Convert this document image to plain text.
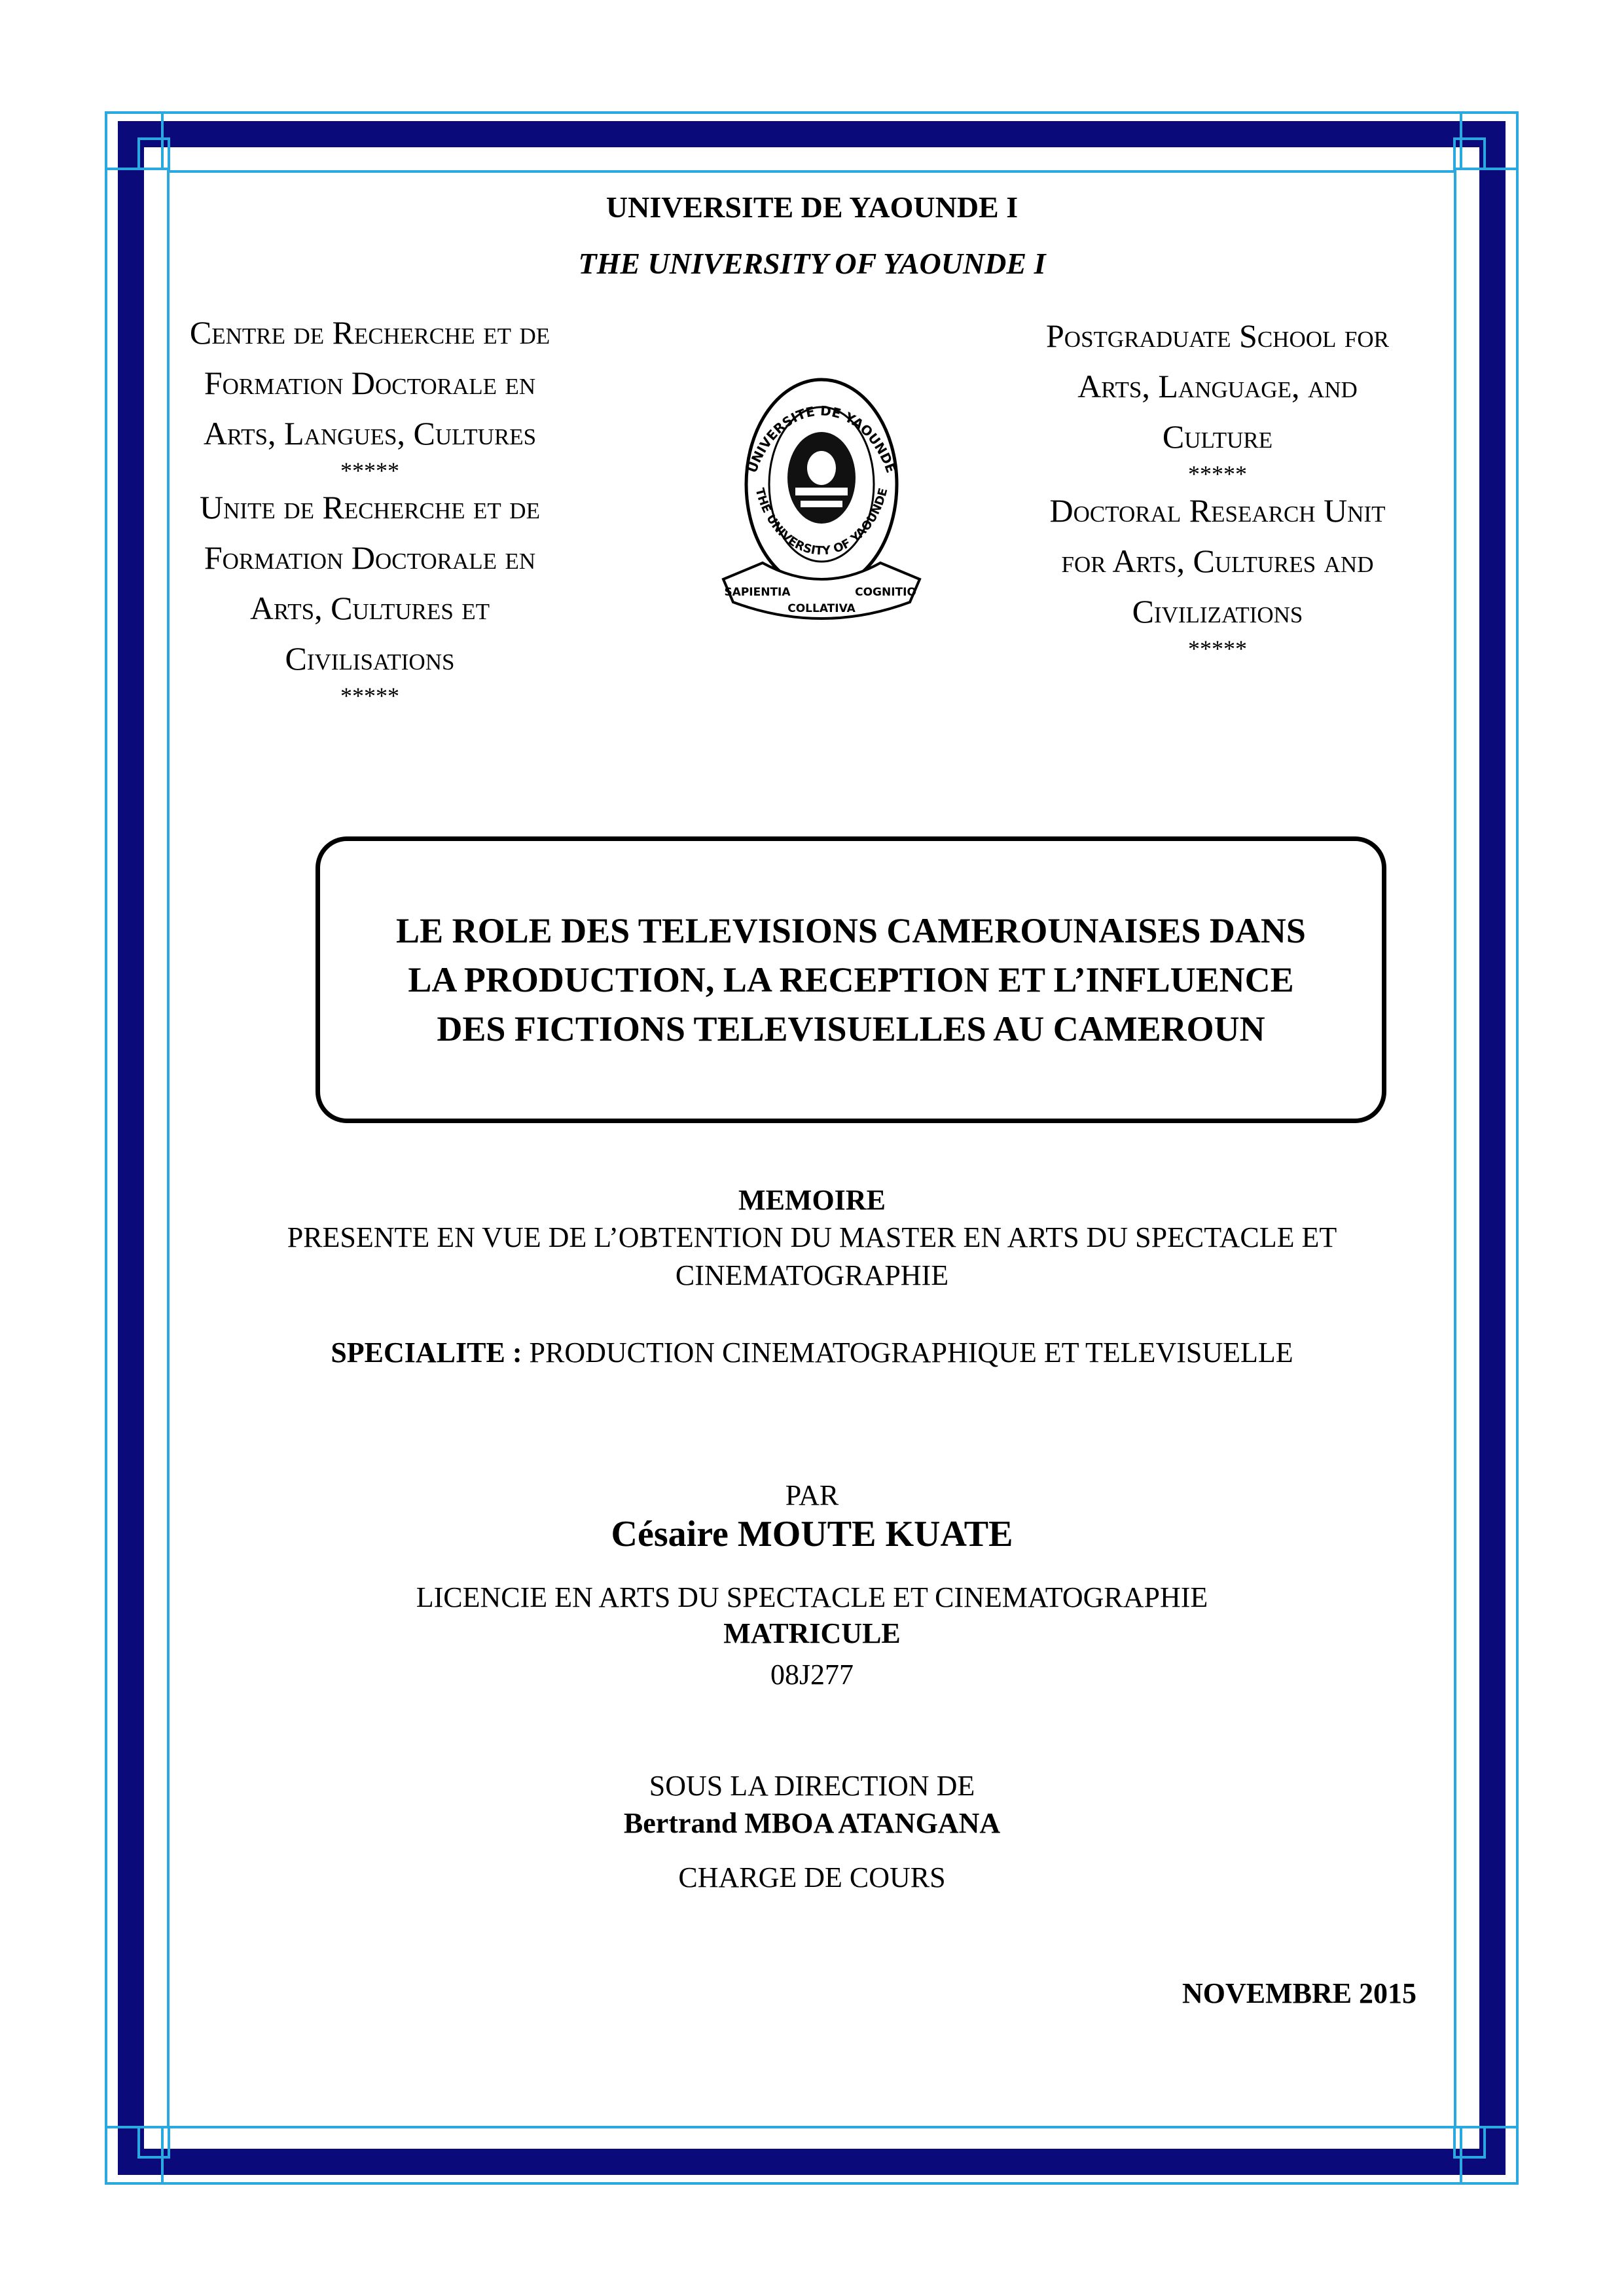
UNIVERSITE DE YAOUNDE I
THE UNIVERSITY OF YAOUNDE I
Centre de Recherche et de
Formation Doctorale en
Arts, Langues, Cultures
*****
Unite de Recherche et de
Formation Doctorale en
Arts, Cultures et
Civilisations
*****
Postgraduate School for
Arts, Language, and
Culture
*****
Doctoral Research Unit
for Arts, Cultures and
Civilizations
*****
UNIVERSITE DE YAOUNDE
THE UNIVERSITY OF YAOUNDE
SAPIENTIA
COLLATIVA
COGNITIO
LE ROLE DES TELEVISIONS CAMEROUNAISES DANS
LA PRODUCTION, LA RECEPTION ET L’INFLUENCE
DES FICTIONS TELEVISUELLES AU CAMEROUN
MEMOIRE
PRESENTE EN VUE DE L’OBTENTION DU MASTER EN ARTS DU SPECTACLE ET
CINEMATOGRAPHIE
SPECIALITE : PRODUCTION CINEMATOGRAPHIQUE ET TELEVISUELLE
PAR
Césaire MOUTE KUATE
LICENCIE EN ARTS DU SPECTACLE ET CINEMATOGRAPHIE
MATRICULE
08J277
SOUS LA DIRECTION DE
Bertrand MBOA ATANGANA
CHARGE DE COURS
NOVEMBRE 2015
